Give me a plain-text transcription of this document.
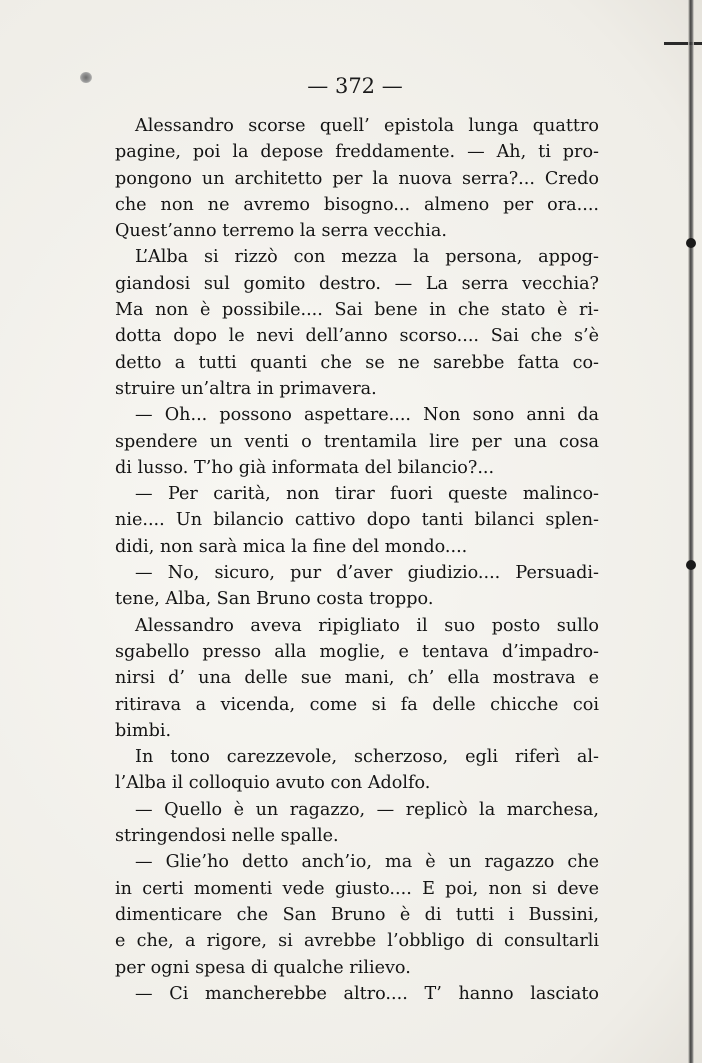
— 372 —
Alessandro scorse quell’ epistola lunga quattro
pagine, poi la depose freddamente. — Ah, ti pro-
pongono un architetto per la nuova serra?... Credo
che non ne avremo bisogno... almeno per ora....
Quest’anno terremo la serra vecchia.
L’Alba si rizzò con mezza la persona, appog-
giandosi sul gomito destro. — La serra vecchia?
Ma non è possibile.... Sai bene in che stato è ri-
dotta dopo le nevi dell’anno scorso.... Sai che s’è
detto a tutti quanti che se ne sarebbe fatta co-
struire un’altra in primavera.
— Oh... possono aspettare.... Non sono anni da
spendere un venti o trentamila lire per una cosa
di lusso. T’ho già informata del bilancio?...
— Per carità, non tirar fuori queste malinco-
nie.... Un bilancio cattivo dopo tanti bilanci splen-
didi, non sarà mica la fine del mondo....
— No, sicuro, pur d’aver giudizio.... Persuadi-
tene, Alba, San Bruno costa troppo.
Alessandro aveva ripigliato il suo posto sullo
sgabello presso alla moglie, e tentava d’impadro-
nirsi d’ una delle sue mani, ch’ ella mostrava e
ritirava a vicenda, come si fa delle chicche coi
bimbi.
In tono carezzevole, scherzoso, egli riferì al-
l’Alba il colloquio avuto con Adolfo.
— Quello è un ragazzo, — replicò la marchesa,
stringendosi nelle spalle.
— Glie’ho detto anch’io, ma è un ragazzo che
in certi momenti vede giusto.... E poi, non si deve
dimenticare che San Bruno è di tutti i Bussini,
e che, a rigore, si avrebbe l’obbligo di consultarli
per ogni spesa di qualche rilievo.
— Ci mancherebbe altro.... T’ hanno lasciato
